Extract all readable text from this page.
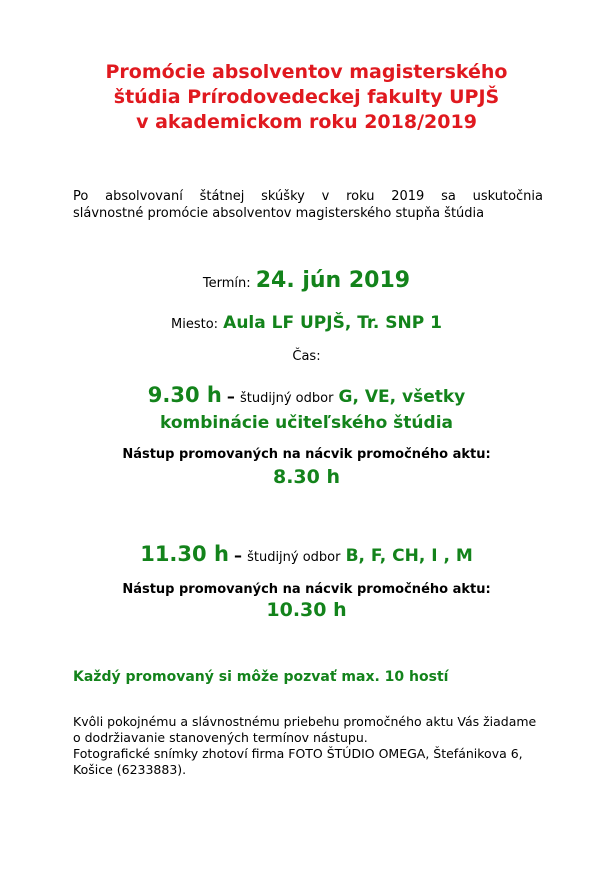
Promócie absolventov magisterského
štúdia Prírodovedeckej fakulty UPJŠ
v akademickom roku 2018/2019
Po absolvovaní štátnej skúšky v roku 2019 sa uskutočnia
slávnostné promócie absolventov magisterského stupňa štúdia
Termín: 24. jún 2019
Miesto: Aula LF UPJŠ, Tr. SNP 1
Čas:
9.30 h – študijný odbor G, VE, všetky
kombinácie učiteľského štúdia
Nástup promovaných na nácvik promočného aktu:
8.30 h
11.30 h – študijný odbor B, F, CH, I , M
Nástup promovaných na nácvik promočného aktu:
10.30 h
Každý promovaný si môže pozvať max. 10 hostí
Kvôli pokojnému a slávnostnému priebehu promočného aktu Vás žiadame
o dodržiavanie stanovených termínov nástupu.
Fotografické snímky zhotoví firma FOTO ŠTÚDIO OMEGA, Štefánikova 6,
Košice (6233883).
